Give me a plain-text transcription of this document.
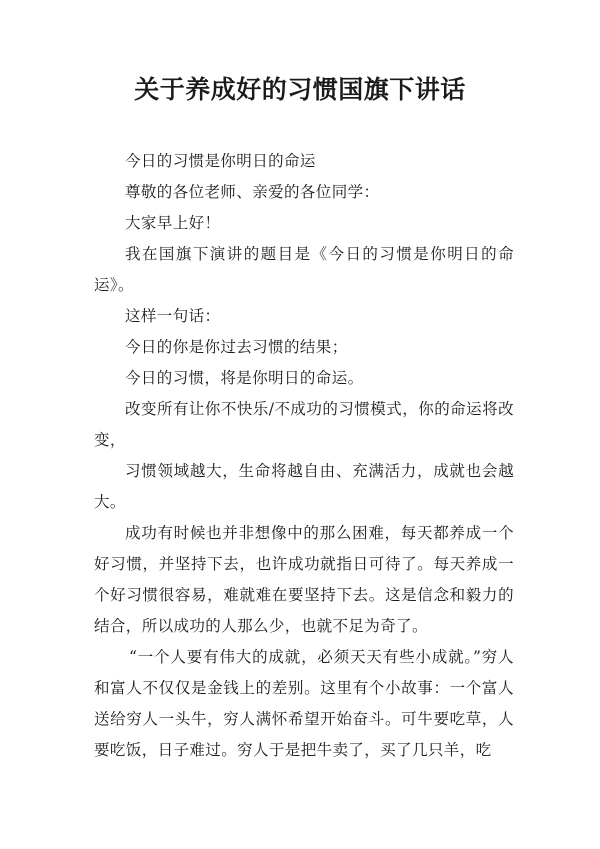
关于养成好的习惯国旗下讲话

今日的习惯是你明日的命运

尊敬的各位老师、亲爱的各位同学：

大家早上好！

我在国旗下演讲的题目是《今日的习惯是你明日的命运》。

这样一句话：

今日的你是你过去习惯的结果；

今日的习惯，将是你明日的命运。

改变所有让你不快乐/不成功的习惯模式，你的命运将改变，

习惯领域越大，生命将越自由、充满活力，成就也会越大。

成功有时候也并非想像中的那么困难，每天都养成一个好习惯，并坚持下去，也许成功就指日可待了。每天养成一个好习惯很容易，难就难在要坚持下去。这是信念和毅力的结合，所以成功的人那么少，也就不足为奇了。

“一个人要有伟大的成就，必须天天有些小成就。”穷人和富人不仅仅是金钱上的差别。这里有个小故事：一个富人送给穷人一头牛，穷人满怀希望开始奋斗。可牛要吃草，人要吃饭，日子难过。穷人于是把牛卖了，买了几只羊，吃
